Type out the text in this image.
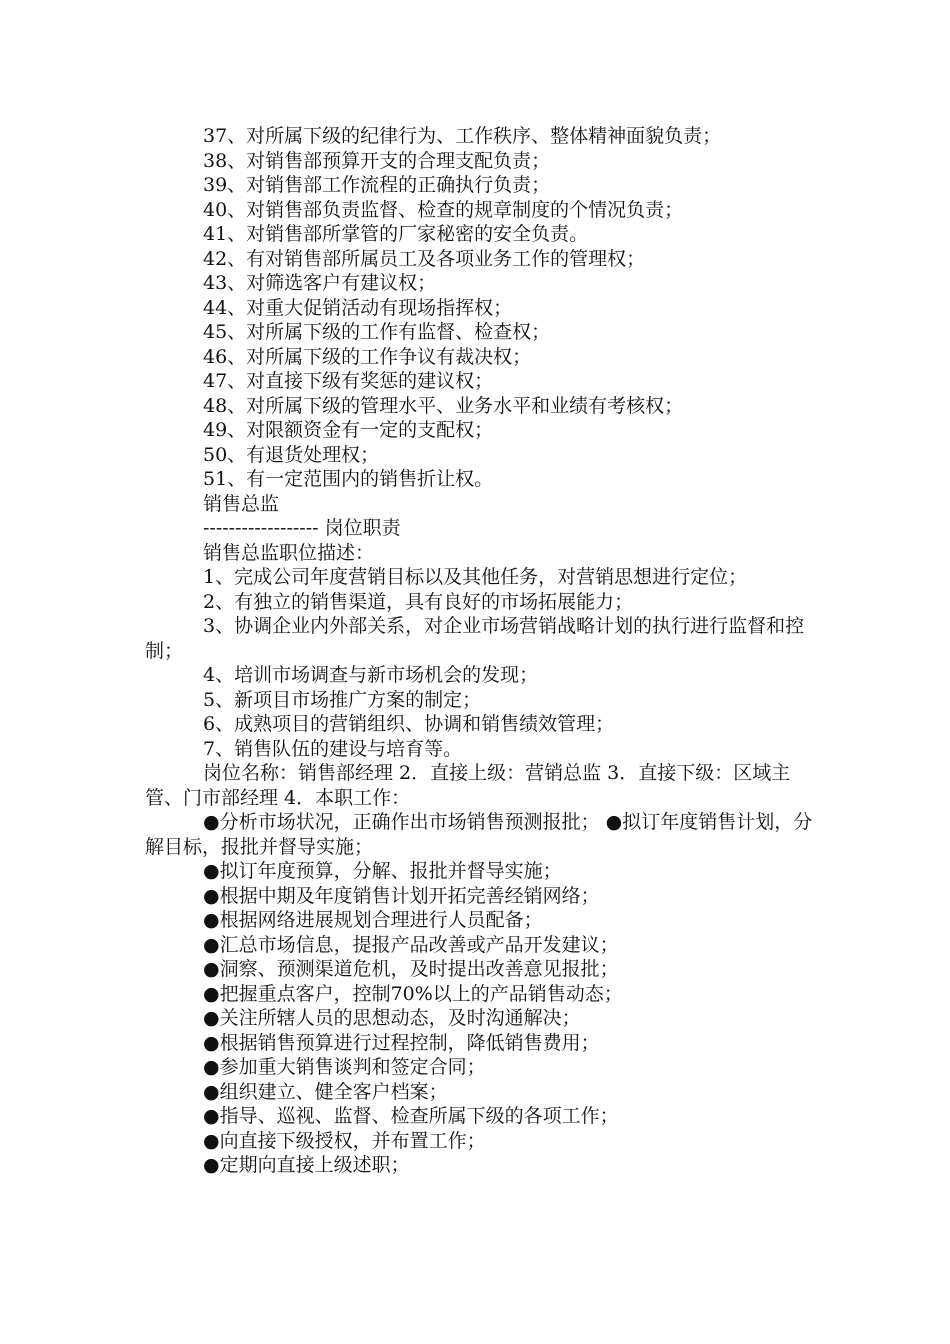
37、对所属下级的纪律行为、工作秩序、整体精神面貌负责；
38、对销售部预算开支的合理支配负责；
39、对销售部工作流程的正确执行负责；
40、对销售部负责监督、检查的规章制度的个情况负责；
41、对销售部所掌管的厂家秘密的安全负责。
42、有对销售部所属员工及各项业务工作的管理权；
43、对筛选客户有建议权；
44、对重大促销活动有现场指挥权；
45、对所属下级的工作有监督、检查权；
46、对所属下级的工作争议有裁决权；
47、对直接下级有奖惩的建议权；
48、对所属下级的管理水平、业务水平和业绩有考核权；
49、对限额资金有一定的支配权；
50、有退货处理权；
51、有一定范围内的销售折让权。
销售总监
------------------ 岗位职责
销售总监职位描述：
1、完成公司年度营销目标以及其他任务，对营销思想进行定位；
2、有独立的销售渠道，具有良好的市场拓展能力；
3、协调企业内外部关系，对企业市场营销战略计划的执行进行监督和控制；
4、培训市场调查与新市场机会的发现；
5、新项目市场推广方案的制定；
6、成熟项目的营销组织、协调和销售绩效管理；
7、销售队伍的建设与培育等。
岗位名称：销售部经理 2．直接上级：营销总监 3．直接下级：区域主管、门市部经理 4．本职工作：
●分析市场状况，正确作出市场销售预测报批； ●拟订年度销售计划，分解目标，报批并督导实施；
●拟订年度预算，分解、报批并督导实施；
●根据中期及年度销售计划开拓完善经销网络；
●根据网络进展规划合理进行人员配备；
●汇总市场信息，提报产品改善或产品开发建议；
●洞察、预测渠道危机，及时提出改善意见报批；
●把握重点客户，控制70%以上的产品销售动态；
●关注所辖人员的思想动态，及时沟通解决；
●根据销售预算进行过程控制，降低销售费用；
●参加重大销售谈判和签定合同；
●组织建立、健全客户档案；
●指导、巡视、监督、检查所属下级的各项工作；
●向直接下级授权，并布置工作；
●定期向直接上级述职；
